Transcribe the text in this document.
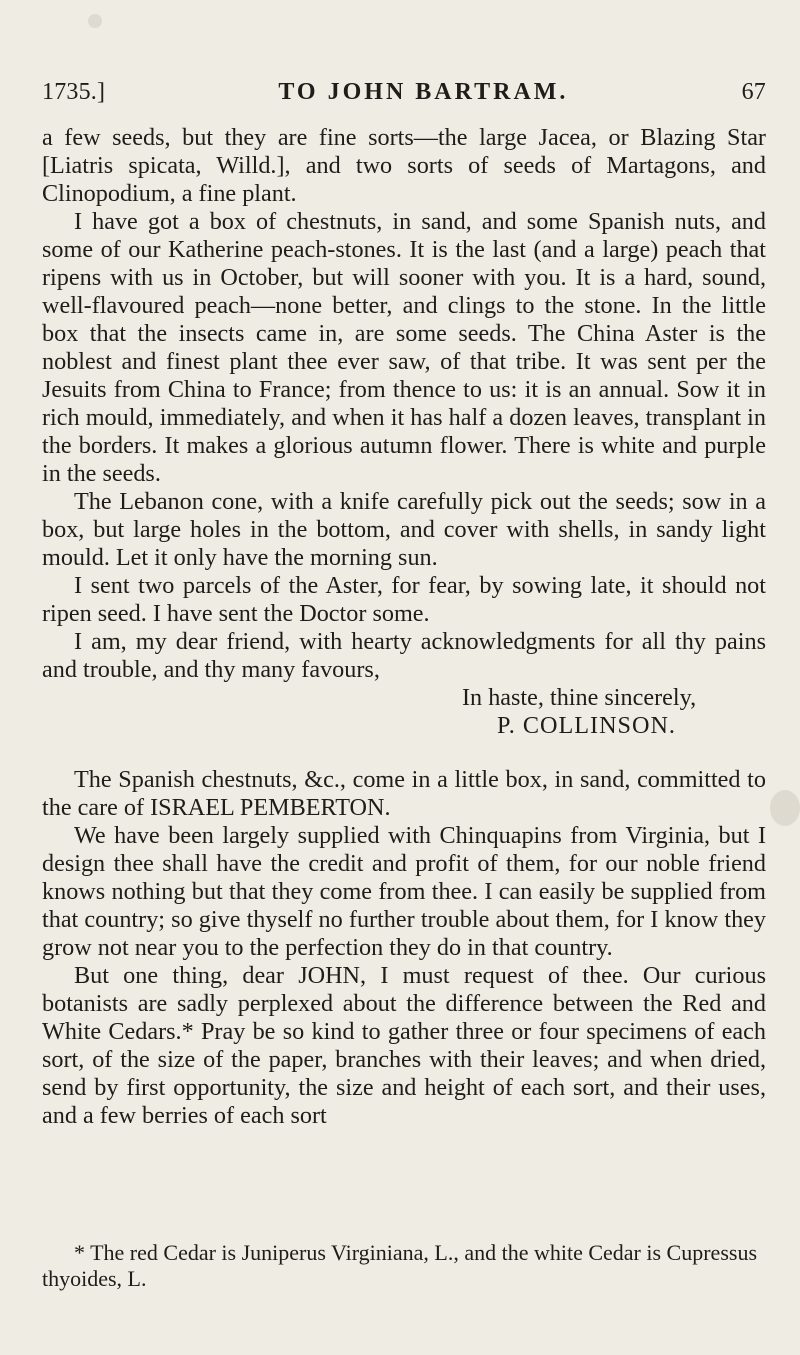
1735.]	TO JOHN BARTRAM.	67

a few seeds, but they are fine sorts—the large Jacea, or Blazing Star [Liatris spicata, Willd.], and two sorts of seeds of Martagons, and Clinopodium, a fine plant.

I have got a box of chestnuts, in sand, and some Spanish nuts, and some of our Katherine peach-stones. It is the last (and a large) peach that ripens with us in October, but will sooner with you. It is a hard, sound, well-flavoured peach—none better, and clings to the stone. In the little box that the insects came in, are some seeds. The China Aster is the noblest and finest plant thee ever saw, of that tribe. It was sent per the Jesuits from China to France; from thence to us: it is an annual. Sow it in rich mould, immediately, and when it has half a dozen leaves, transplant in the borders. It makes a glorious autumn flower. There is white and purple in the seeds.

The Lebanon cone, with a knife carefully pick out the seeds; sow in a box, but large holes in the bottom, and cover with shells, in sandy light mould. Let it only have the morning sun.

I sent two parcels of the Aster, for fear, by sowing late, it should not ripen seed. I have sent the Doctor some.

I am, my dear friend, with hearty acknowledgments for all thy pains and trouble, and thy many favours,

In haste, thine sincerely,

P. COLLINSON.

The Spanish chestnuts, &c., come in a little box, in sand, committed to the care of ISRAEL PEMBERTON.

We have been largely supplied with Chinquapins from Virginia, but I design thee shall have the credit and profit of them, for our noble friend knows nothing but that they come from thee. I can easily be supplied from that country; so give thyself no further trouble about them, for I know they grow not near you to the perfection they do in that country.

But one thing, dear JOHN, I must request of thee. Our curious botanists are sadly perplexed about the difference between the Red and White Cedars.* Pray be so kind to gather three or four specimens of each sort, of the size of the paper, branches with their leaves; and when dried, send by first opportunity, the size and height of each sort, and their uses, and a few berries of each sort

* The red Cedar is Juniperus Virginiana, L., and the white Cedar is Cupressus thyoides, L.
